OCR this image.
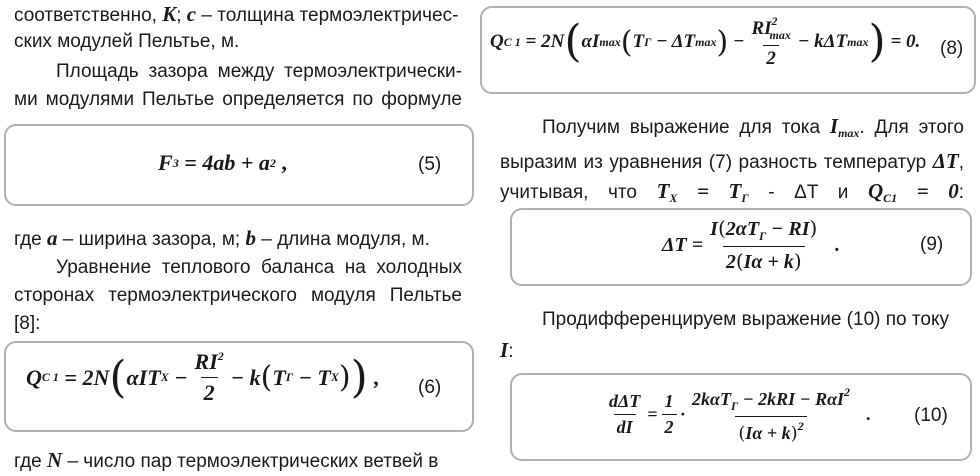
соответственно, K; c – толщина термоэлектричес-
ских модулей Пельтье, м.
Площадь зазора между термоэлектрически-ми модулями Пельтье определяется по формуле
F З = 4ab + a 2 ,	(5)
где a – ширина зазора, м; b – длина модуля, м.
Уравнение теплового баланса на холодных сторонах термоэлектрического модуля Пельтье [8]:
Q C 1 = 2N ( αIT $X - \frac{RI^2}{2} - k$ ( T Г − T X ) ) , (6)
где N – число пар термоэлектрических ветвей в
Q C 1 = 2N ( αI max ( T Г − ΔT max ) − $\frac{RI^2_{max}}{2} - k\Delta T$ max ) = 0. (8)
Получим выражение для тока $I_{max}$. Для этого выразим из уравнения (7) разность температур ΔT, учитывая, что $T_X = T_Г - \Delta T$ и $Q_{C1} = 0$:
$\Delta T = \frac{I(2\alpha T_Г - RI)}{2(I\alpha + k)}$ .	(9)
Продифференцируем выражение (10) по току
I:
$\frac{\text{dΔT}}{dI} = \frac{1}{2} \cdot \frac{2k\alpha T_Г - 2kRI - R\alpha I^2}{(I\alpha + k)^2}$ . (10)
